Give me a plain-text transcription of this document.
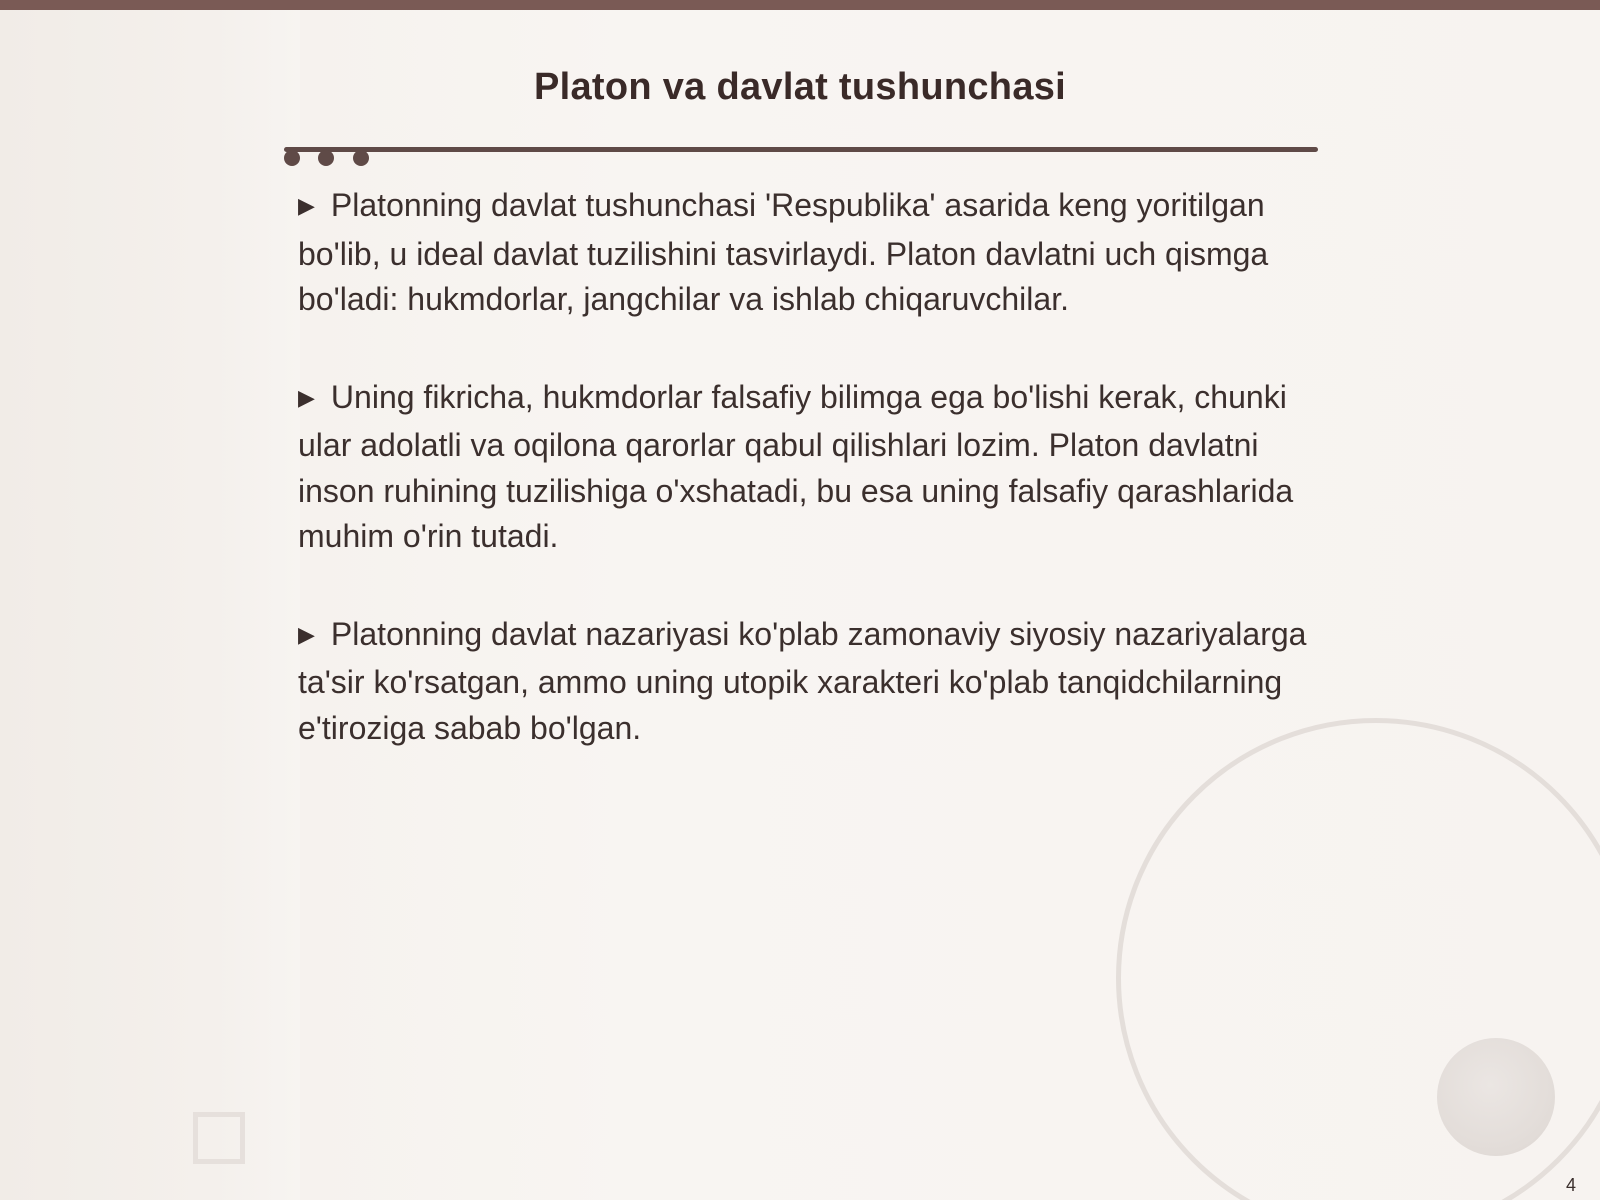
Platon va davlat tushunchasi

▶ Platonning davlat tushunchasi 'Respublika' asarida keng yoritilgan bo'lib, u ideal davlat tuzilishini tasvirlaydi. Platon davlatni uch qismga bo'ladi: hukmdorlar, jangchilar va ishlab chiqaruvchilar.

▶ Uning fikricha, hukmdorlar falsafiy bilimga ega bo'lishi kerak, chunki ular adolatli va oqilona qarorlar qabul qilishlari lozim. Platon davlatni inson ruhining tuzilishiga o'xshatadi, bu esa uning falsafiy qarashlarida muhim o'rin tutadi.

▶ Platonning davlat nazariyasi ko'plab zamonaviy siyosiy nazariyalarga ta'sir ko'rsatgan, ammo uning utopik xarakteri ko'plab tanqidchilarning e'tiroziga sabab bo'lgan.

4
